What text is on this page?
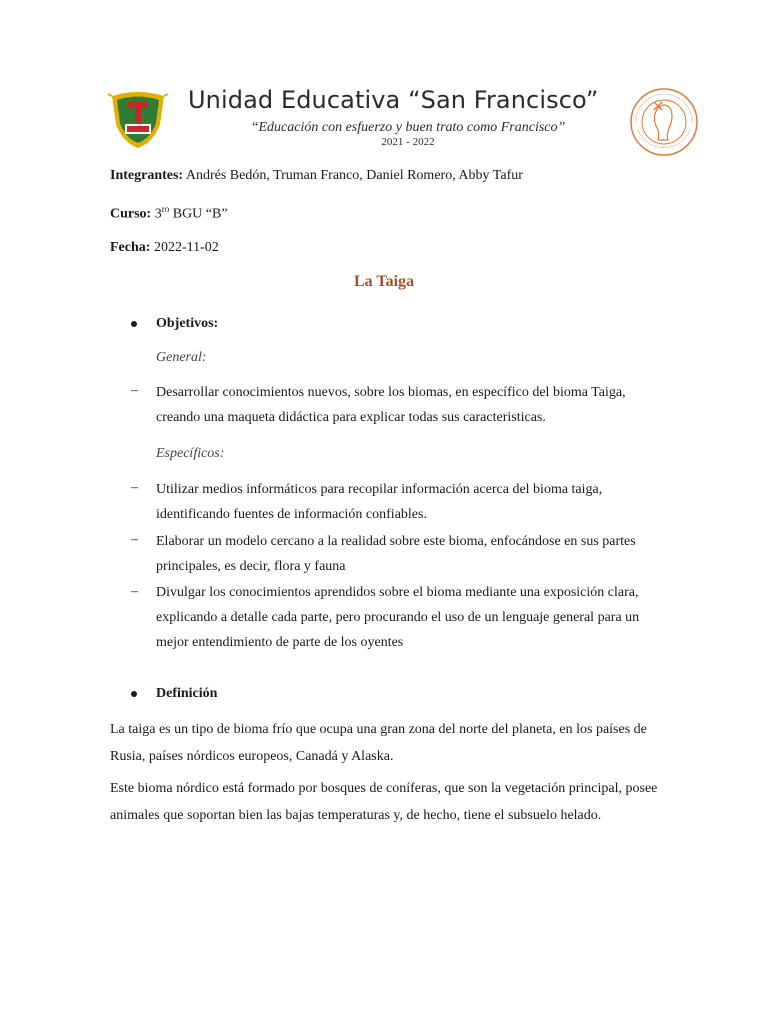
Unidad Educativa “San Francisco”
“Educación con esfuerzo y buen trato como Francisco”
2021 - 2022
Integrantes: Andrés Bedón, Truman Franco, Daniel Romero, Abby Tafur
Curso: $3^{ro}$ BGU “B”
Fecha: 2022-11-02
La Taiga
Objetivos:
General:
– Desarrollar conocimientos nuevos, sobre los biomas, en específico del bioma Taiga, creando una maqueta didáctica para explicar todas sus caracteristicas.
Específicos:
– Utilizar medios informáticos para recopilar información acerca del bioma taiga, identificando fuentes de información confiables.
– Elaborar un modelo cercano a la realidad sobre este bioma, enfocándose en sus partes principales, es decir, flora y fauna
– Divulgar los conocimientos aprendidos sobre el bioma mediante una exposición clara, explicando a detalle cada parte, pero procurando el uso de un lenguaje general para un mejor entendimiento de parte de los oyentes
Definición
La taiga es un tipo de bioma frío que ocupa una gran zona del norte del planeta, en los países de Rusia, países nórdicos europeos, Canadá y Alaska.
Este bioma nórdico está formado por bosques de coníferas, que son la vegetación principal, posee animales que soportan bien las bajas temperaturas y, de hecho, tiene el subsuelo helado.
